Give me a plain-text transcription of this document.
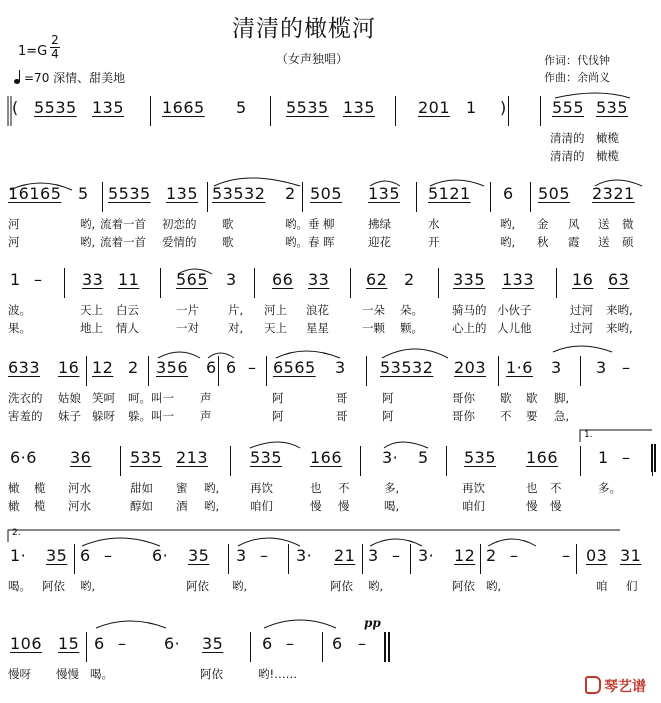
清清的橄榄河
（女声独唱）	作词：代伐钟
作曲：余尚义
$1=G \frac{2}{4}$
=70 深情、甜美地
( 5535 135 1665 5 5535 135	201 1 )	555 535
清清的 橄榄
清清的 橄榄
16165 5 5535 135 53532 2 505 135 5121 6 505 2321
河	哟, 流着一首 初恋的 歌	哟。垂 柳	拂绿	水	哟, 金 风 送 微
河	哟, 流着一首 爱情的 歌	哟。春 晖	迎花	开	哟, 秋 霞 送 硕
1 – 33 11 565 3 66 33 62 2 335 133 16 63
波。	天上 白云	一片	片, 河上 浪花	一朵 朵。	骑马的 小伙子	过河 来哟,
果。	地上 情人	一对	对, 天上 星星	一颗 颗。	心上的 人儿他	过河 来哟,
633 16 12 2 356 6 6 – 6565 3 53532 203 1·6 3 3 –
洗衣的 姑娘 笑呵 呵。叫一 声	阿	哥	阿	哥你 歇 歇 脚,
害羞的 妹子 躲呀 躲。叫一 声	阿	哥	阿	哥你 不 要 急,
6·6 36 535 213	535 166 3· 5 535 166 1 –
橄 榄 河水	甜如 蜜 哟,	再饮	也 不	多,	再饮	也 不	多。
橄 榄 河水	醇如 酒 哟,	咱们	慢 慢	喝,	咱们	慢 慢
1.
1· 35 6 – 6· 35 3 – 3· 21 3 – 3· 12 2 –	– 03 31
喝。 阿依 哟,	阿依 哟,	阿依 哟,	阿依 哟,	咱 们
2.
106 15 6 – 6· 35 6 – 6 –
慢呀 慢慢 喝。	阿依	哟!……
pp
琴艺谱
